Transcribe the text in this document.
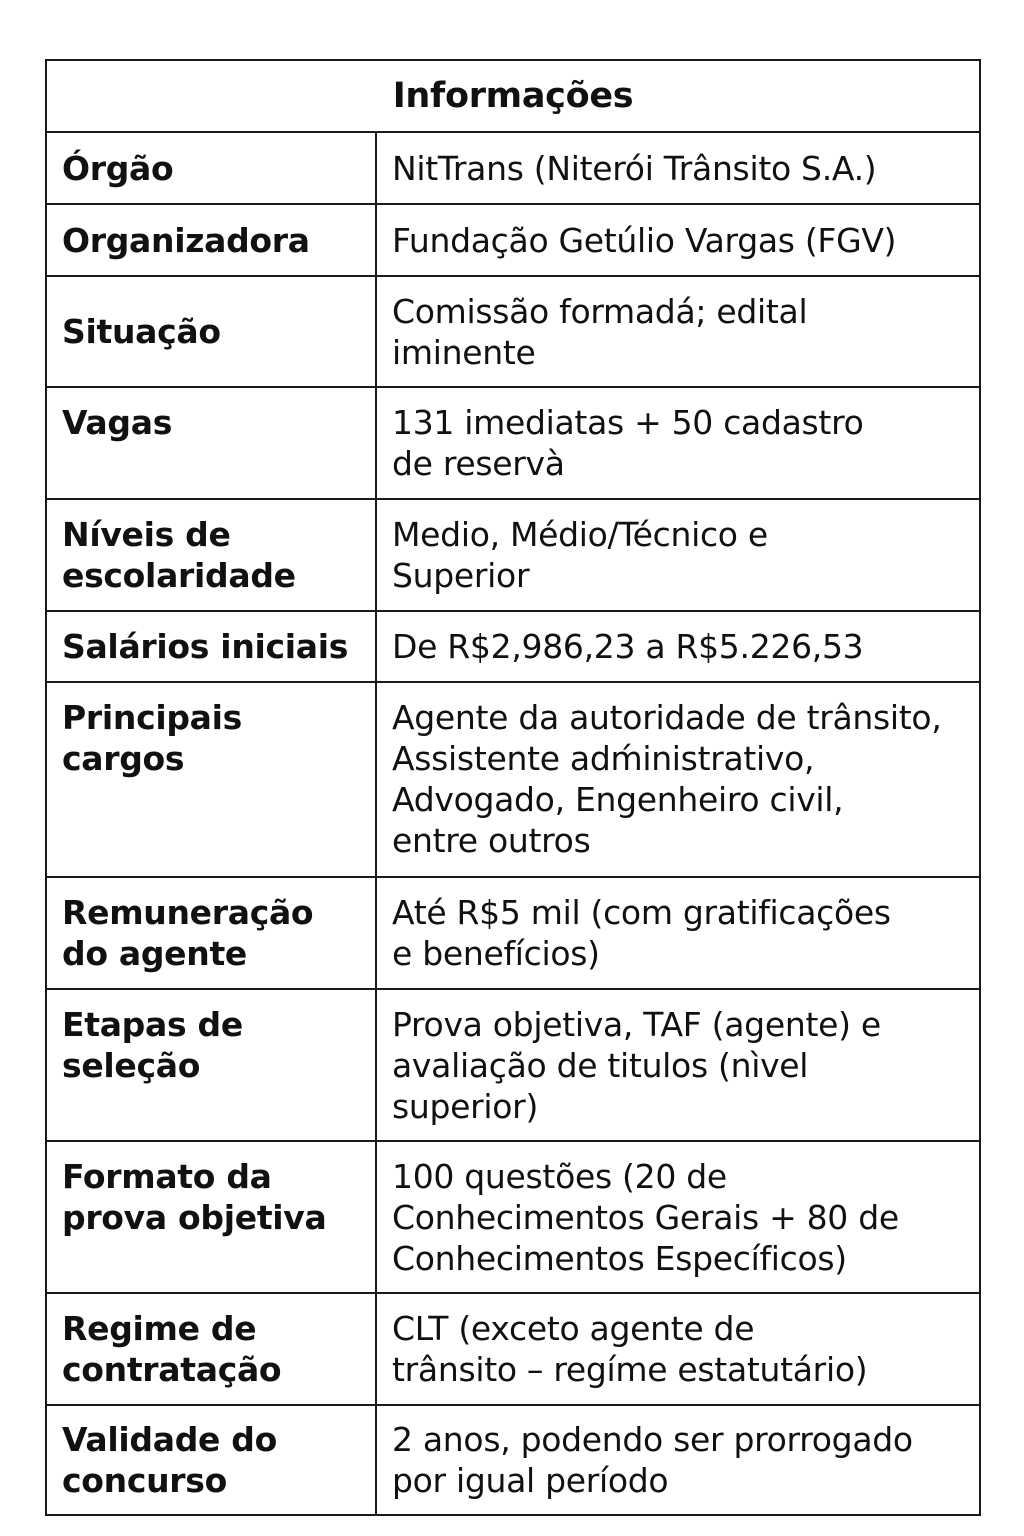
Informações	

Órgão	NitTrans (Niterói Trânsito S.A.)

Organizadora	Fundação Getúlio Vargas (FGV)

Situação	Comissão formadá; edital
iminente

Vagas	131 imediatas + 50 cadastro
de reservà

Níveis de
escolaridade	Medio, Médio/Técnico e
Superior

Salários iniciais	De R$2,986,23 a R$5.226,53

Principais
cargos	Agente da autoridade de trânsito,
Assistente adḿinistrativo,
Advogado, Engenheiro civil,
entre outros

Remuneração
do agente	Até R$5 mil (com gratificações
e benefícios)

Etapas de
seleção	Prova objetiva, TAF (agente) e
avaliação de titulos (nìvel
superior)

Formato da
prova objetiva	100 questões (20 de
Conhecimentos Gerais + 80 de
Conhecimentos Específicos)

Regime de
contratação	CLT (exceto agente de
trânsito – regíme estatutário)

Validade do
concurso	2 anos, podendo ser prorrogado
por igual período
